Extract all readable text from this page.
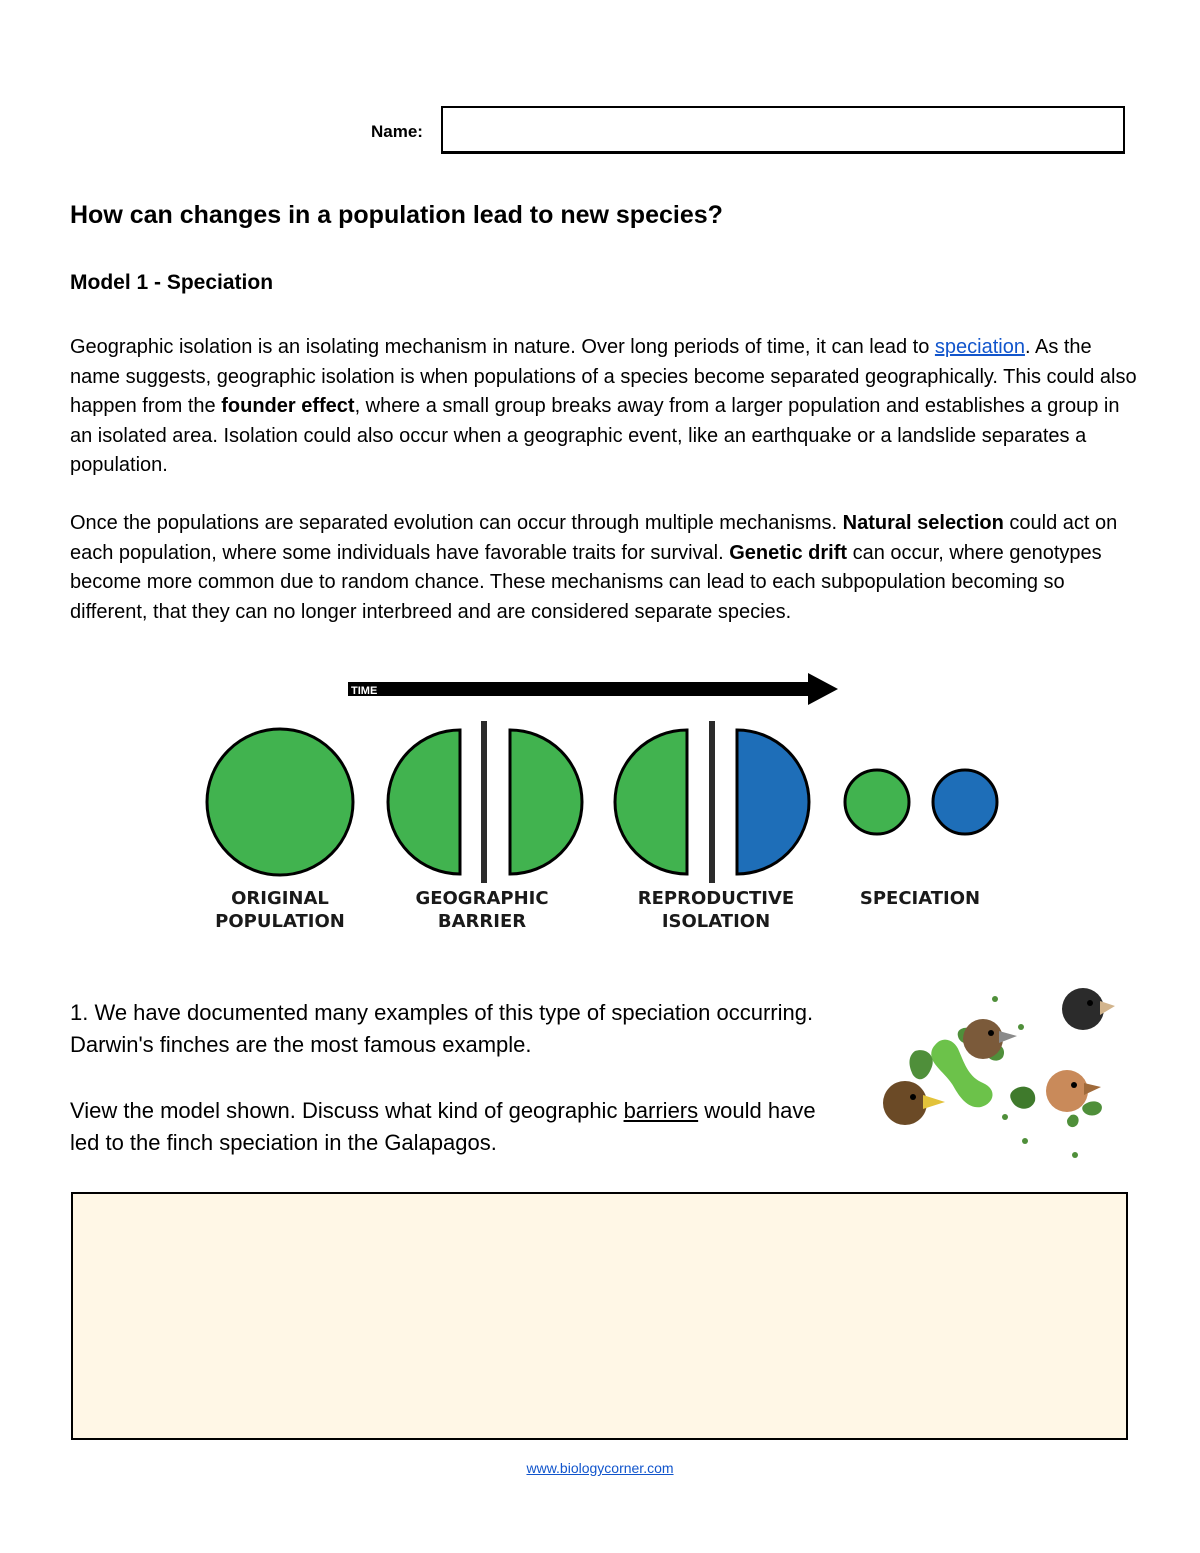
Name:
How can changes in a population lead to new species?
Model 1 - Speciation

Geographic isolation is an isolating mechanism in nature. Over long periods of time, it can lead to speciation. As the name suggests, geographic isolation is when populations of a species become separated geographically. This could also happen from the founder effect, where a small group breaks away from a larger population and establishes a group in an isolated area. Isolation could also occur when a geographic event, like an earthquake or a landslide separates a population.

Once the populations are separated evolution can occur through multiple mechanisms. Natural selection could act on each population, where some individuals have favorable traits for survival. Genetic drift can occur, where genotypes become more common due to random chance. These mechanisms can lead to each subpopulation becoming so different, that they can no longer interbreed and are considered separate species.

TIME
ORIGINAL
POPULATION
GEOGRAPHIC
BARRIER
REPRODUCTIVE
ISOLATION
SPECIATION

1. We have documented many examples of this type of speciation occurring. Darwin's finches are the most famous example.

View the model shown. Discuss what kind of geographic barriers would have led to the finch speciation in the Galapagos.

www.biologycorner.com
